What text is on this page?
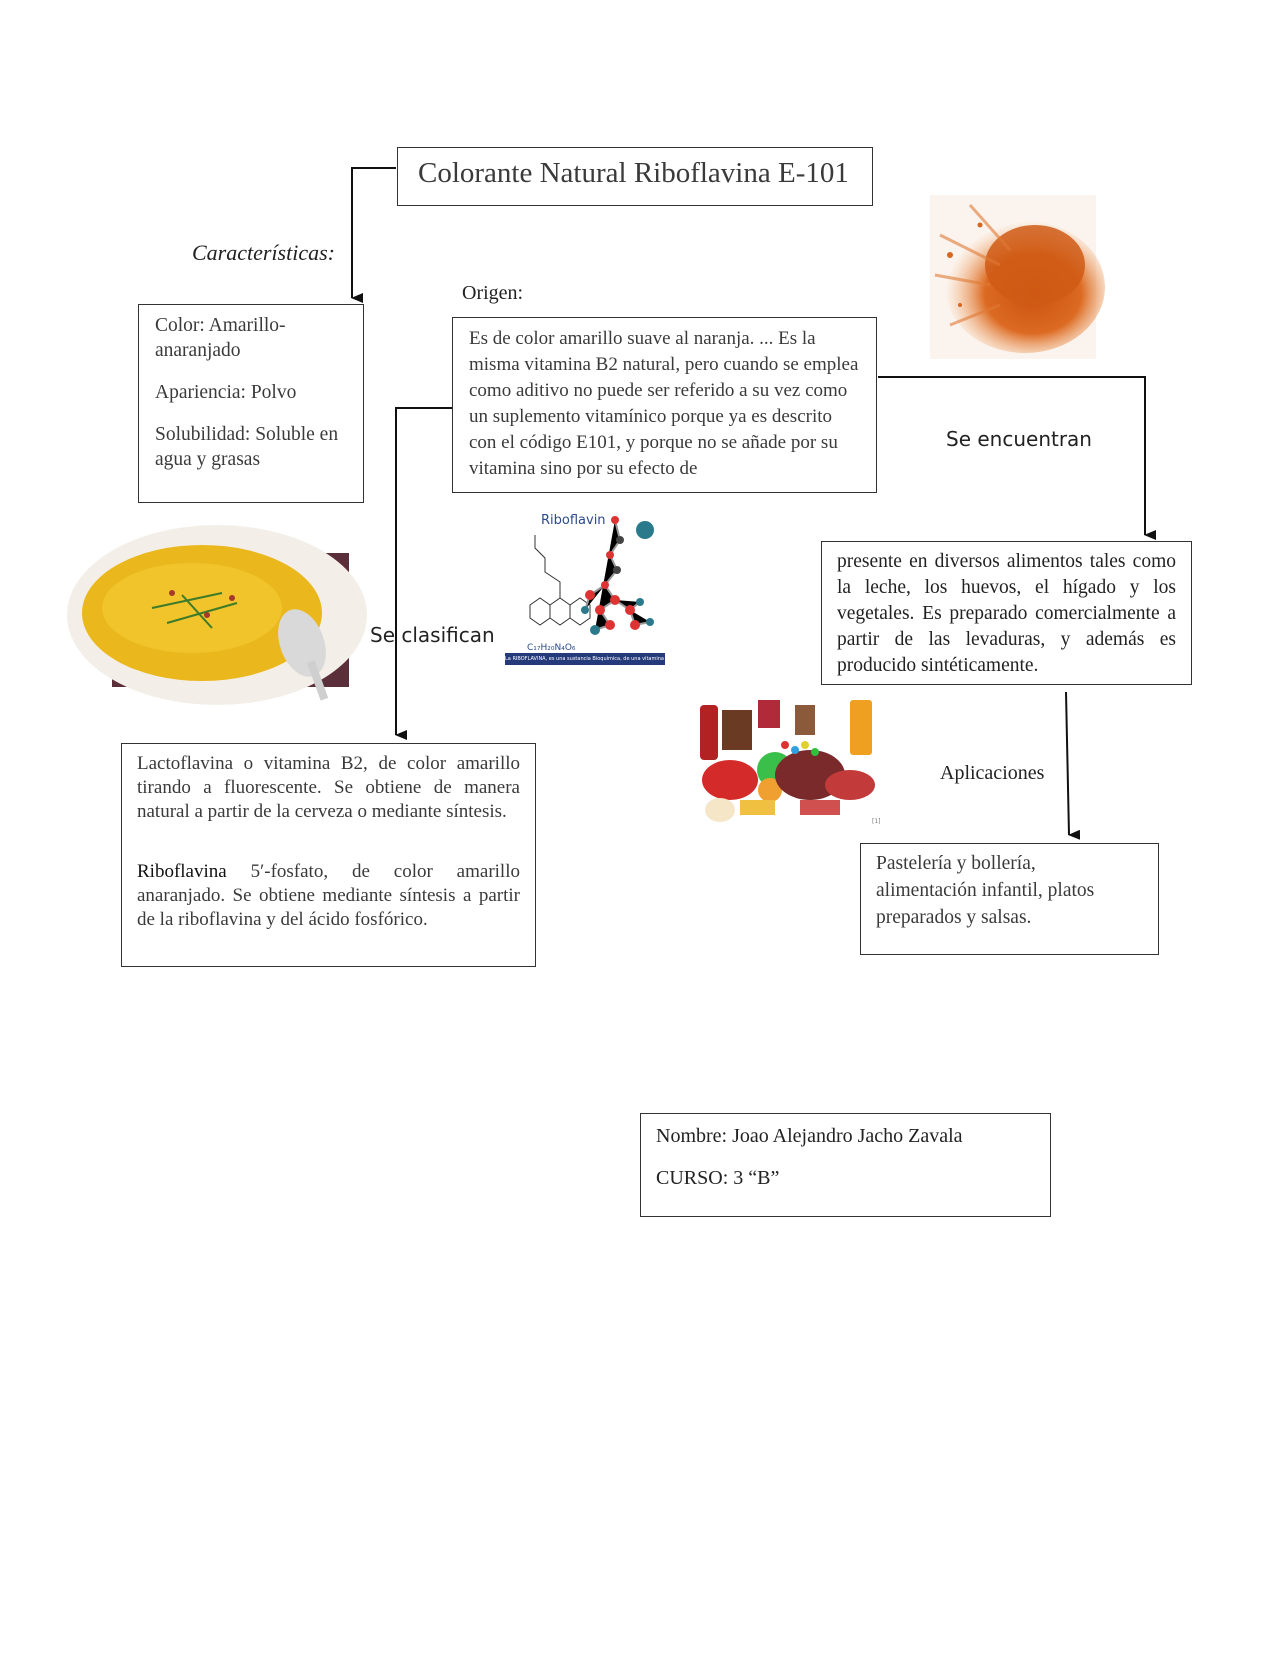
Colorante Natural Riboflavina E-101
Características:

Color: Amarillo-anaranjado

Apariencia: Polvo

Solubilidad: Soluble en agua y grasas

Origen:
Es de color amarillo suave al naranja. ... Es la misma vitamina B2 natural, pero cuando se emplea como aditivo no puede ser referido a su vez como un suplemento vitamínico porque ya es descrito con el código E101, y porque no se añade por su vitamina sino por su efecto de
Se encuentran
Riboflavin
C₁₇H₂₀N₄O₆
La RIBOFLAVINA, es una sustancia Bioquímica, de una vitamina del grupo B, la denominada B2
Se clasifican
presente en diversos alimentos tales como la leche, los huevos, el hígado y los vegetales. Es preparado comercialmente a partir de las levaduras, y además es producido sintéticamente.
[1]
Aplicaciones

Lactoflavina o vitamina B2, de color amarillo tirando a fluorescente. Se obtiene de manera natural a partir de la cerveza o mediante síntesis.

Riboflavina 5′-fosfato, de color amarillo anaranjado. Se obtiene mediante síntesis a partir de la riboflavina y del ácido fosfórico.

Pastelería y bollería, alimentación infantil, platos preparados y salsas.
Nombre: Joao Alejandro Jacho Zavala
CURSO: 3 “B”
